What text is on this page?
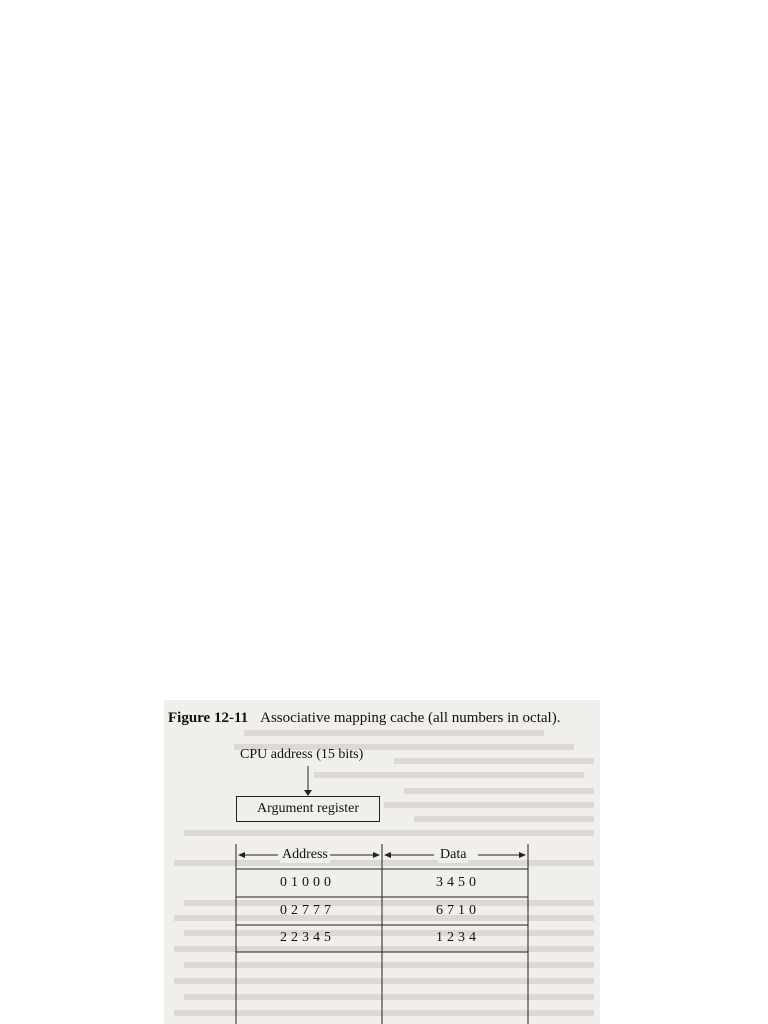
Figure 12-11 Associative mapping cache (all numbers in octal).
CPU address (15 bits)
Argument register
Address	Data
01000	3450
02777	6710
22345	1234
